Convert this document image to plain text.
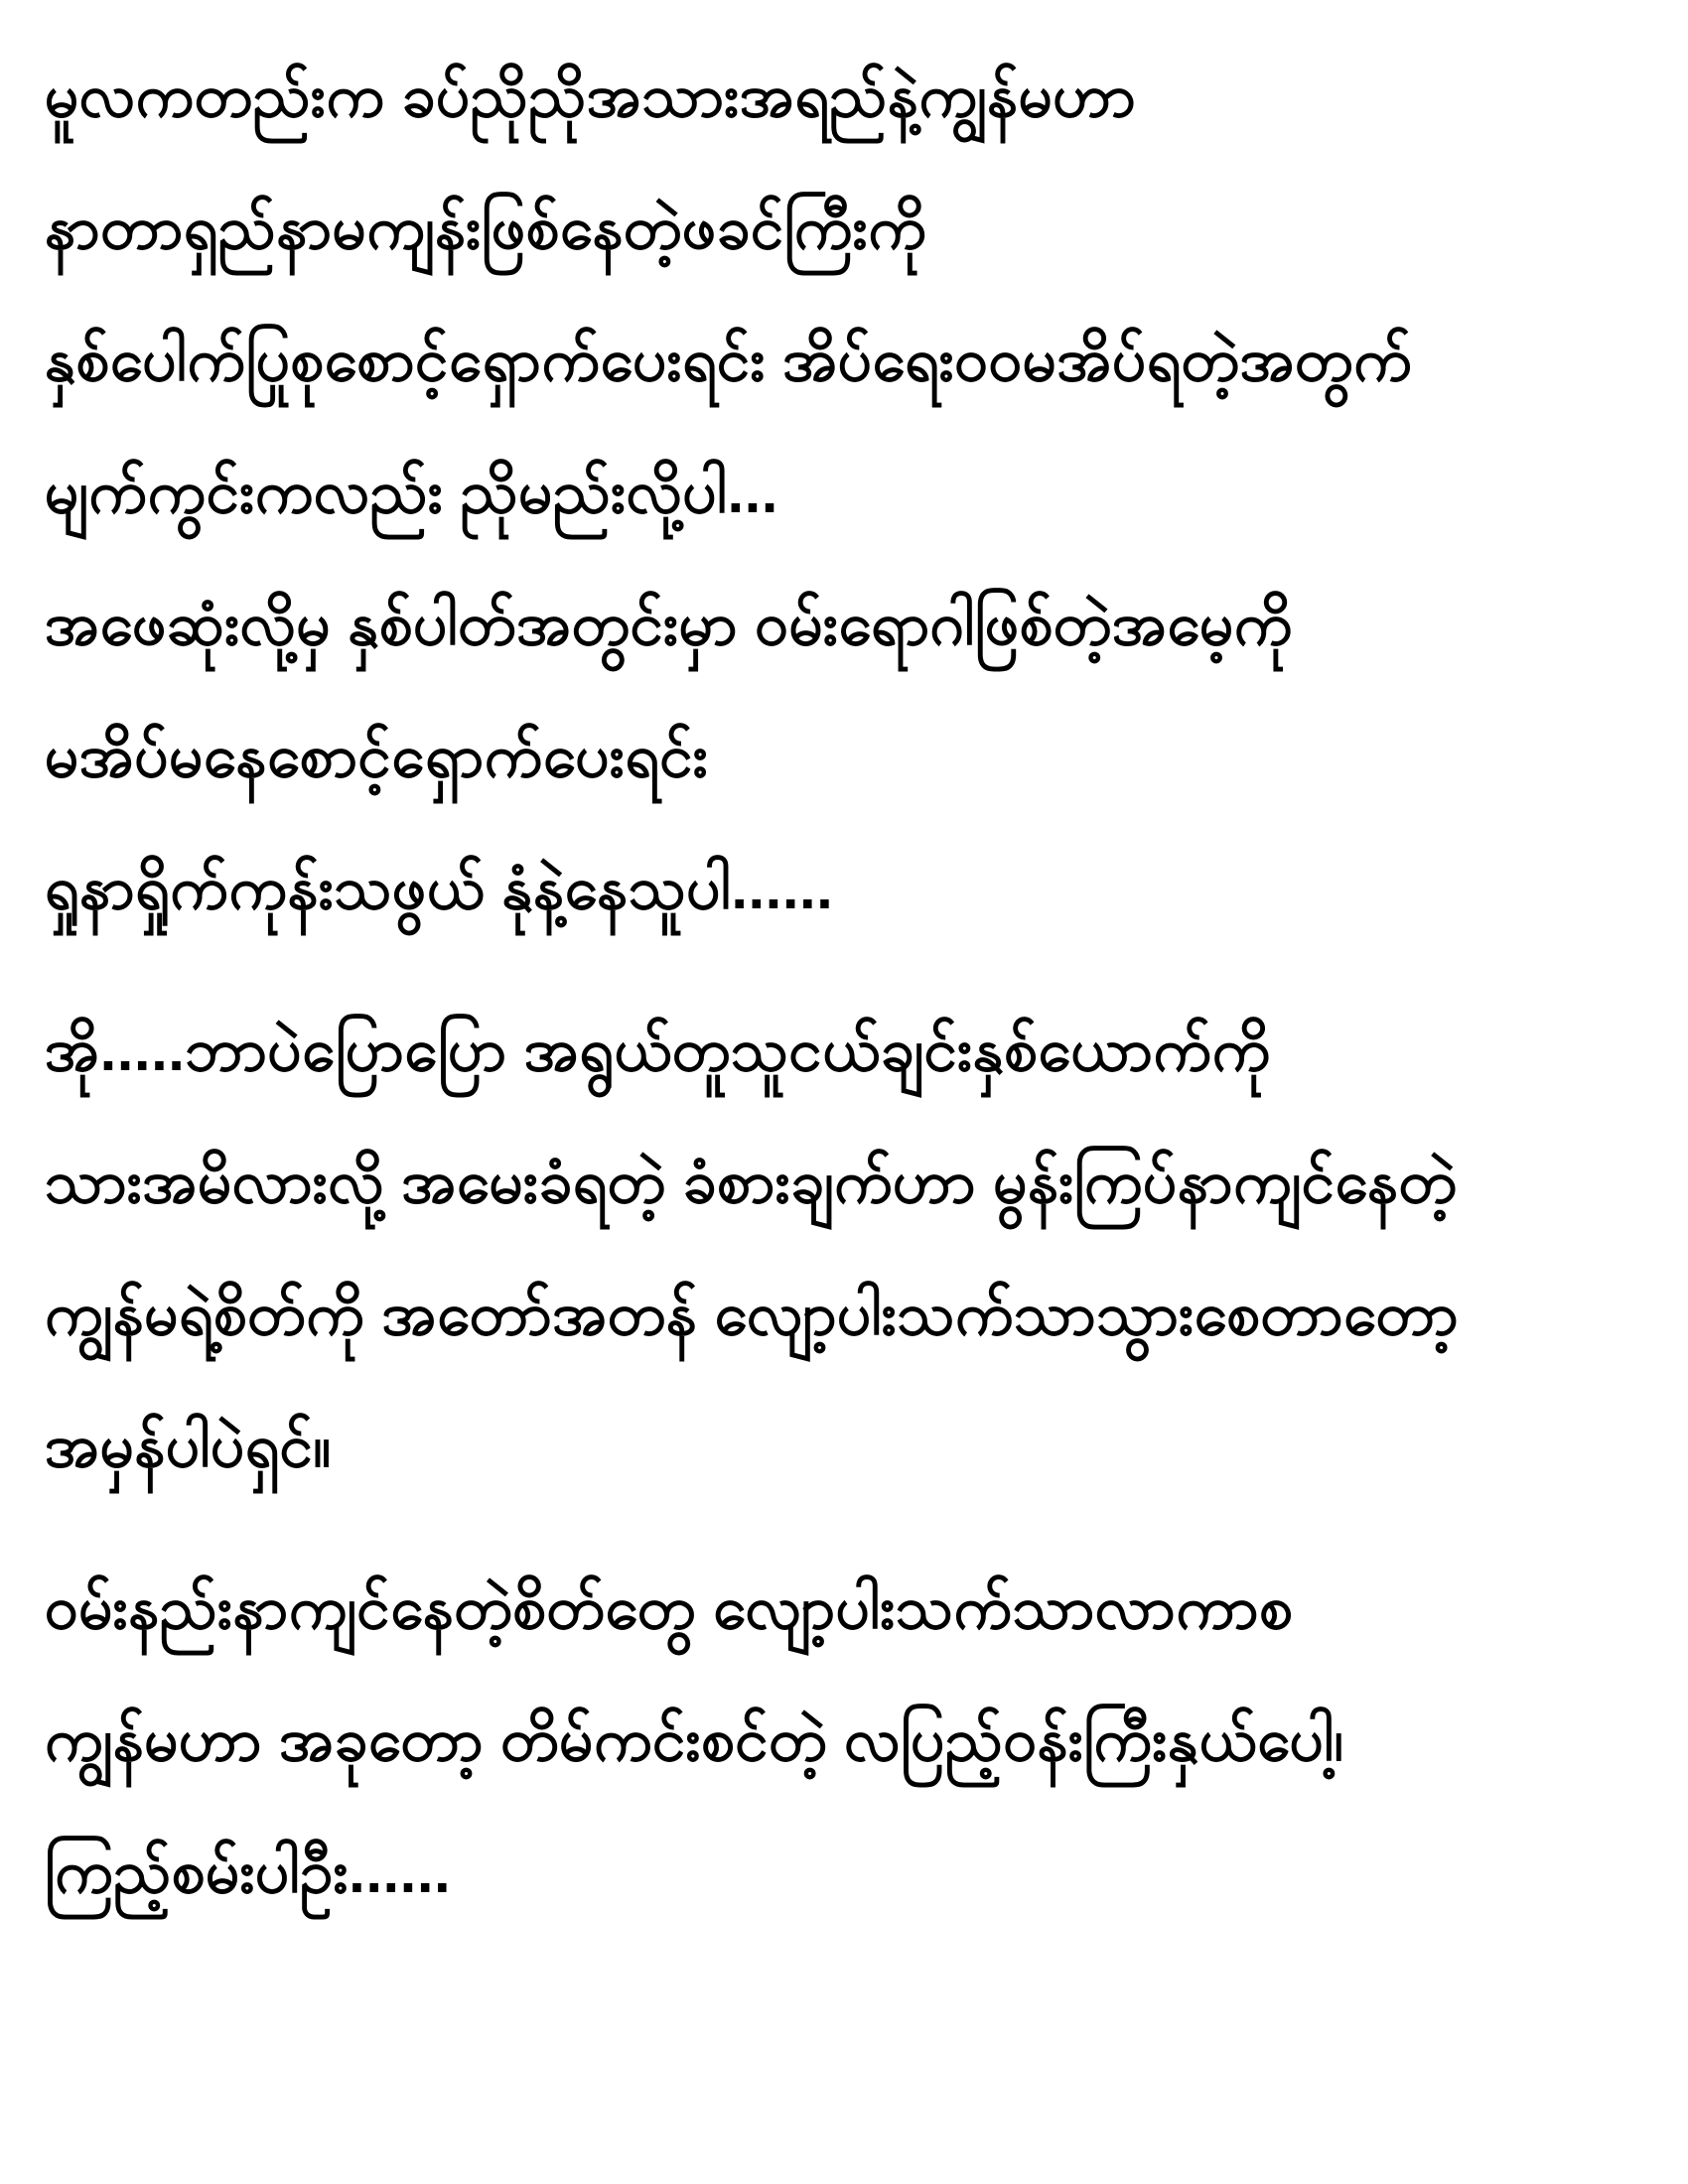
မူလကတည်းက ခပ်ညိုညိုအသားအရည်နဲ့ကျွန်မဟာ
နာတာရှည်နာမကျန်းဖြစ်နေတဲ့ဖခင်ကြီးကို
နှစ်ပေါက်ပြုစုစောင့်ရှောက်ပေးရင်း အိပ်ရေးဝဝမအိပ်ရတဲ့အတွက်
မျက်ကွင်းကလည်း ညိုမည်းလို့ပါ...
အဖေဆုံးလို့မှ နှစ်ပါတ်အတွင်းမှာ ဝမ်းရောဂါဖြစ်တဲ့အမေ့ကို
မအိပ်မနေစောင့်ရှောက်ပေးရင်း
ရှုနာရှိုက်ကုန်းသဖွယ် နုံနဲ့နေသူပါ......
အို.....ဘာပဲပြောပြော အရွယ်တူသူငယ်ချင်းနှစ်ယောက်ကို
သားအမိလားလို့ အမေးခံရတဲ့ ခံစားချက်ဟာ မွန်းကြပ်နာကျင်နေတဲ့
ကျွန်မရဲ့စိတ်ကို အတော်အတန် လျော့ပါးသက်သာသွားစေတာတော့
အမှန်ပါပဲရှင်။
ဝမ်းနည်းနာကျင်နေတဲ့စိတ်တွေ လျော့ပါးသက်သာလာကာစ
ကျွန်မဟာ အခုတော့ တိမ်ကင်းစင်တဲ့ လပြည့်ဝန်းကြီးနှယ်ပေါ့၊
ကြည့်စမ်းပါဦး......
